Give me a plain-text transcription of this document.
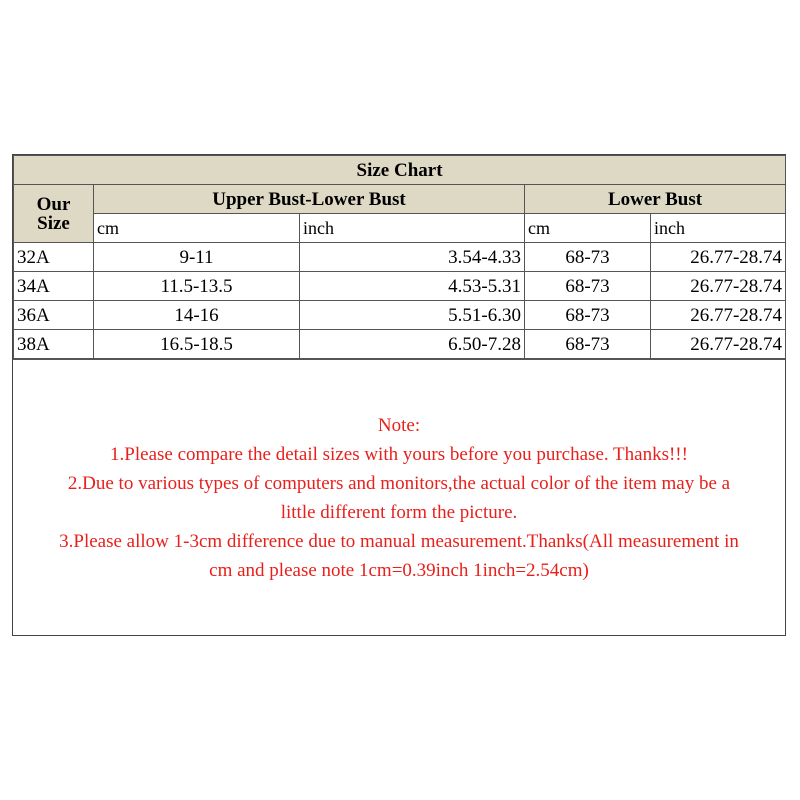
Size Chart				
Our
Size	Upper Bust-Lower Bust		Lower Bust	
	cm	inch	cm	inch
32A	9-11	3.54-4.33	68-73	26.77-28.74
34A	11.5-13.5	4.53-5.31	68-73	26.77-28.74
36A	14-16	5.51-6.30	68-73	26.77-28.74
38A	16.5-18.5	6.50-7.28	68-73	26.77-28.74
Note:
1.Please compare the detail sizes with yours before you purchase. Thanks!!!
2.Due to various types of computers and monitors,the actual color of the item may be a little different form the picture.
3.Please allow 1-3cm difference due to manual measurement.Thanks(All measurement in cm and please note 1cm=0.39inch 1inch=2.54cm)
